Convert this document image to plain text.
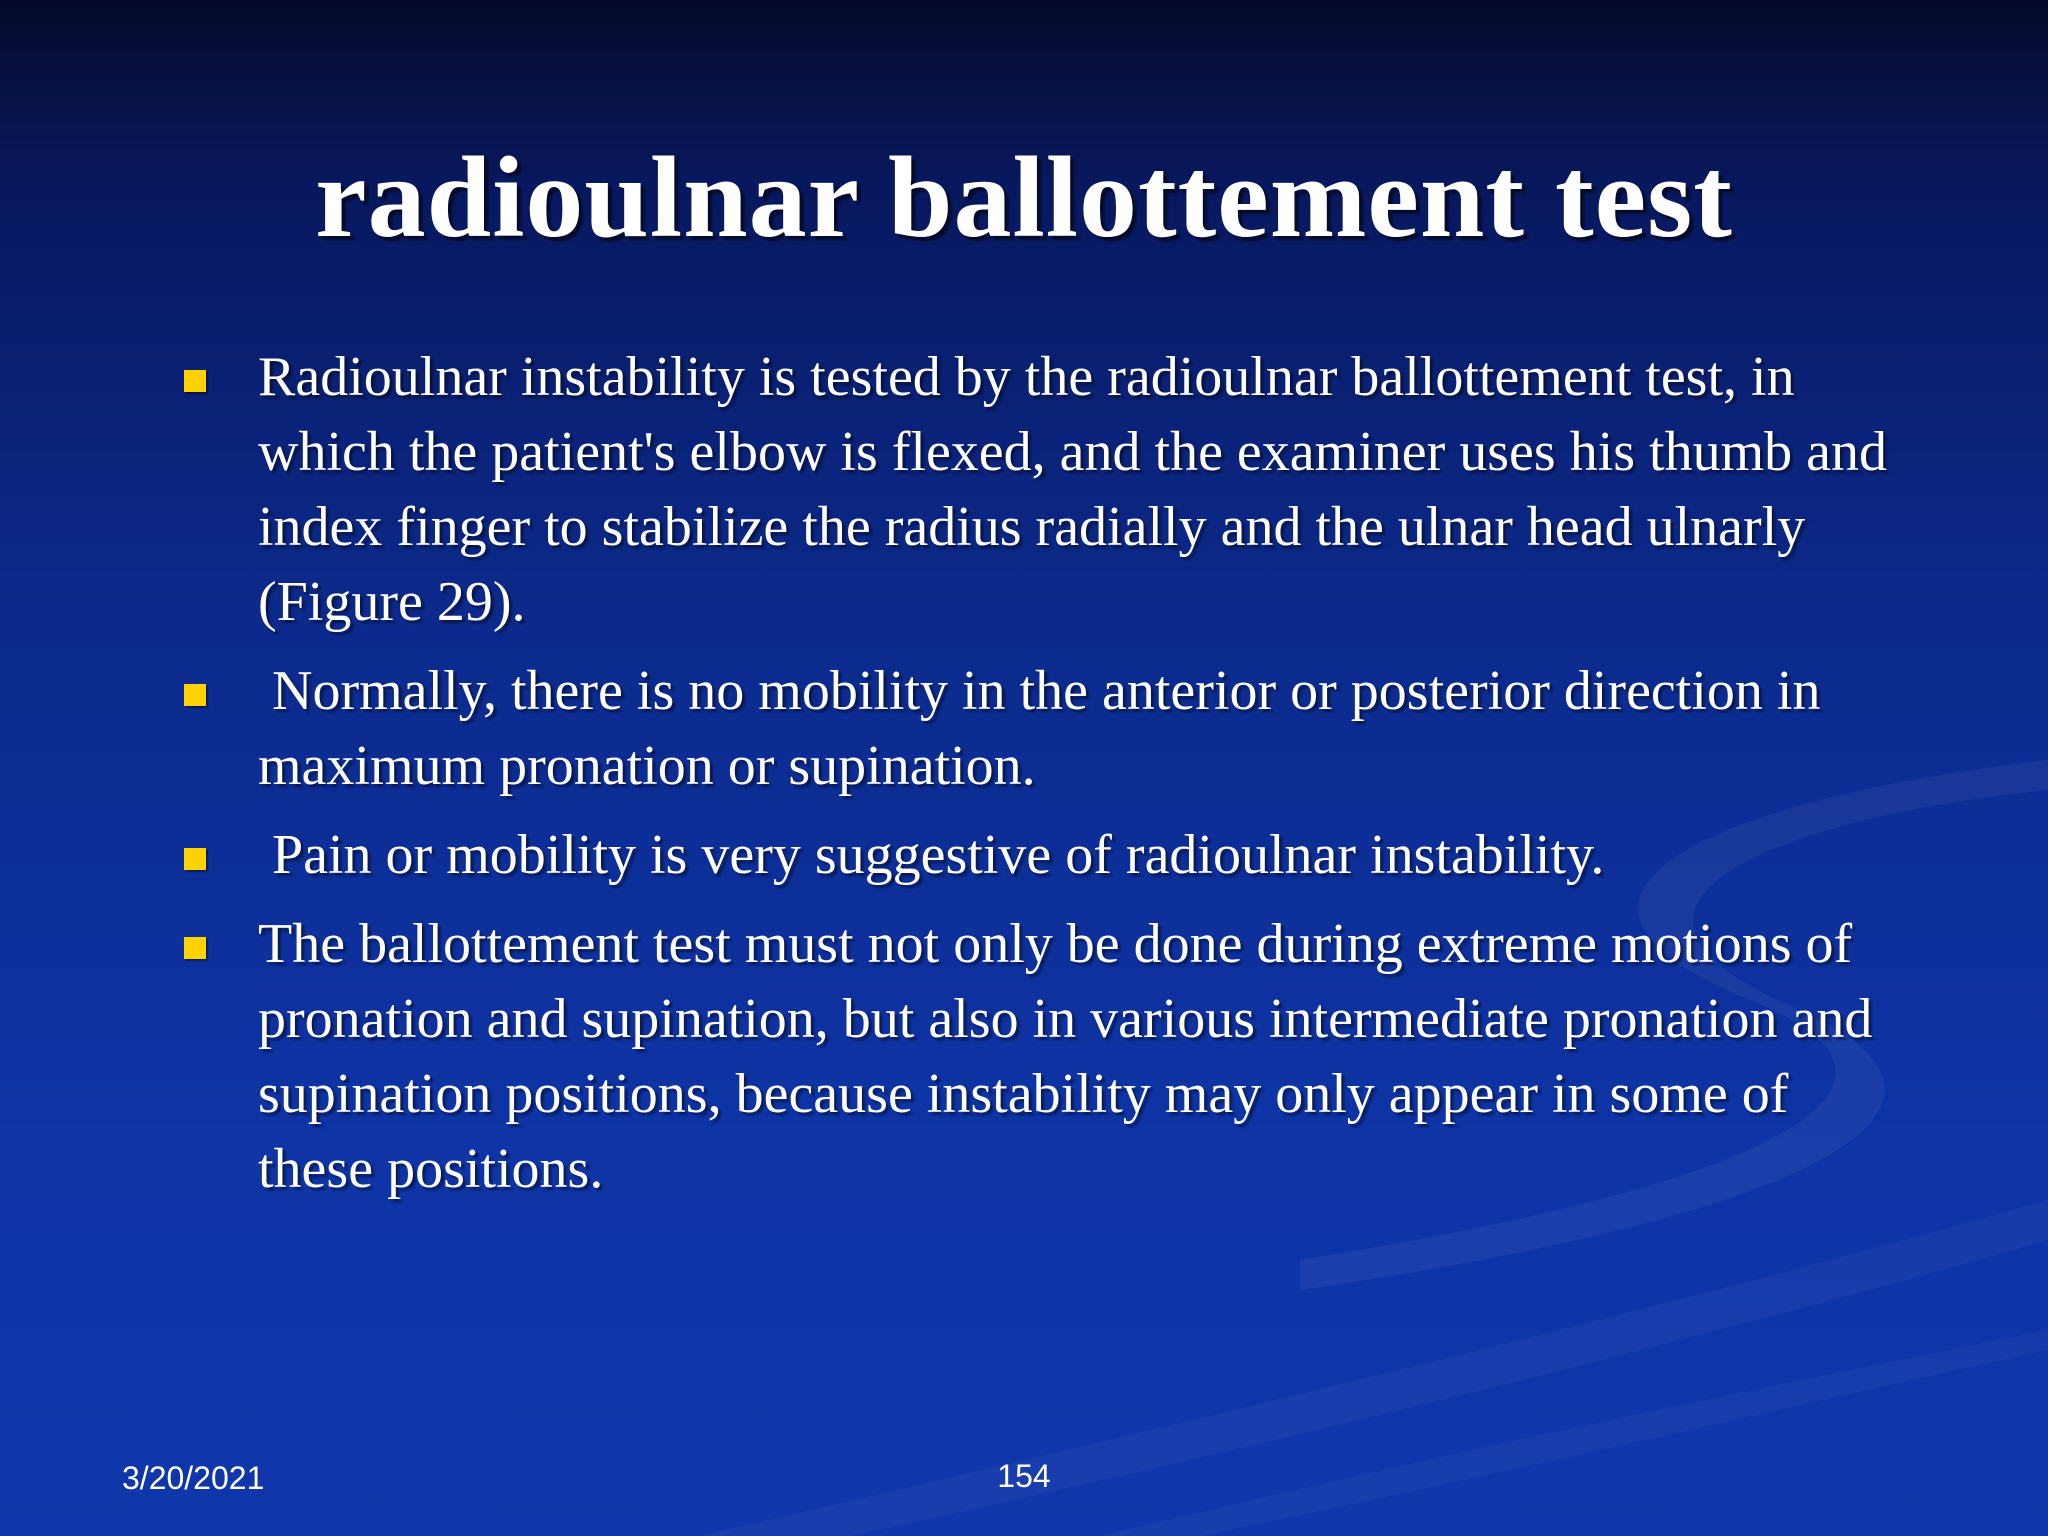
radioulnar ballottement test
Radioulnar instability is tested by the radioulnar ballottement test, in which the patient's elbow is flexed, and the examiner uses his thumb and index finger to stabilize the radius radially and the ulnar head ulnarly (Figure 29).
Normally, there is no mobility in the anterior or posterior direction in maximum pronation or supination.
Pain or mobility is very suggestive of radioulnar instability.
The ballottement test must not only be done during extreme motions of pronation and supination, but also in various intermediate pronation and supination positions, because instability may only appear in some of these positions.
3/20/2021	154
